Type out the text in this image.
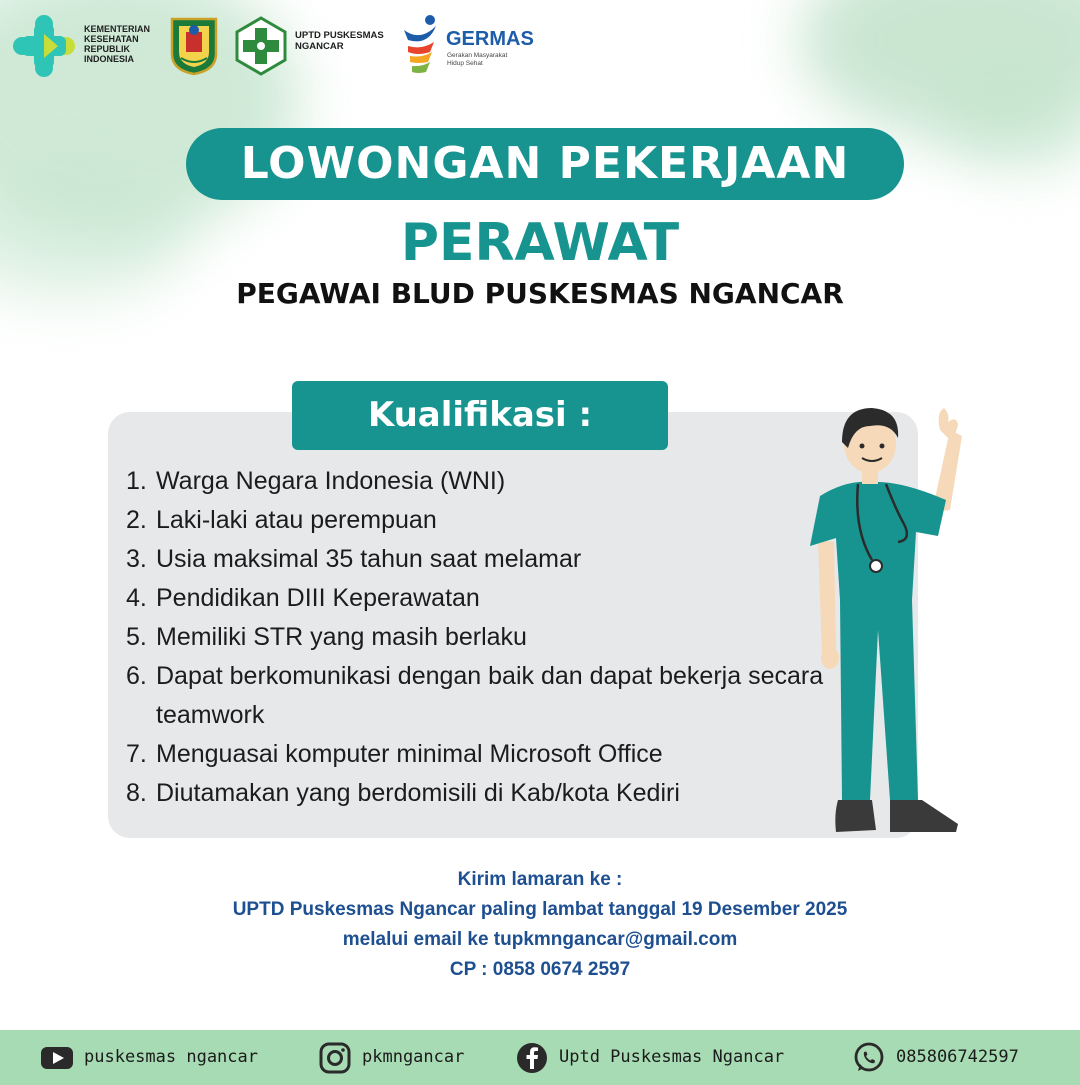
KEMENTERIAN
KESEHATAN
REPUBLIK
INDONESIA
UPTD PUSKESMAS
NGANCAR	GERMAS
Gerakan Masyarakat
Hidup Sehat
LOWONGAN PEKERJAAN
PERAWAT
PEGAWAI BLUD PUSKESMAS NGANCAR
Kualifikasi :
1. Warga Negara Indonesia (WNI)
2. Laki-laki atau perempuan
3. Usia maksimal 35 tahun saat melamar
4. Pendidikan DIII Keperawatan
5. Memiliki STR yang masih berlaku
6. Dapat berkomunikasi dengan baik dan dapat bekerja secara teamwork
7. Menguasai komputer minimal Microsoft Office
8. Diutamakan yang berdomisili di Kab/kota Kediri
Kirim lamaran ke :
UPTD Puskesmas Ngancar paling lambat tanggal 19 Desember 2025
melalui email ke tupkmngancar@gmail.com
CP : 0858 0674 2597
puskesmas ngancar	pkmngancar	Uptd Puskesmas Ngancar	085806742597
